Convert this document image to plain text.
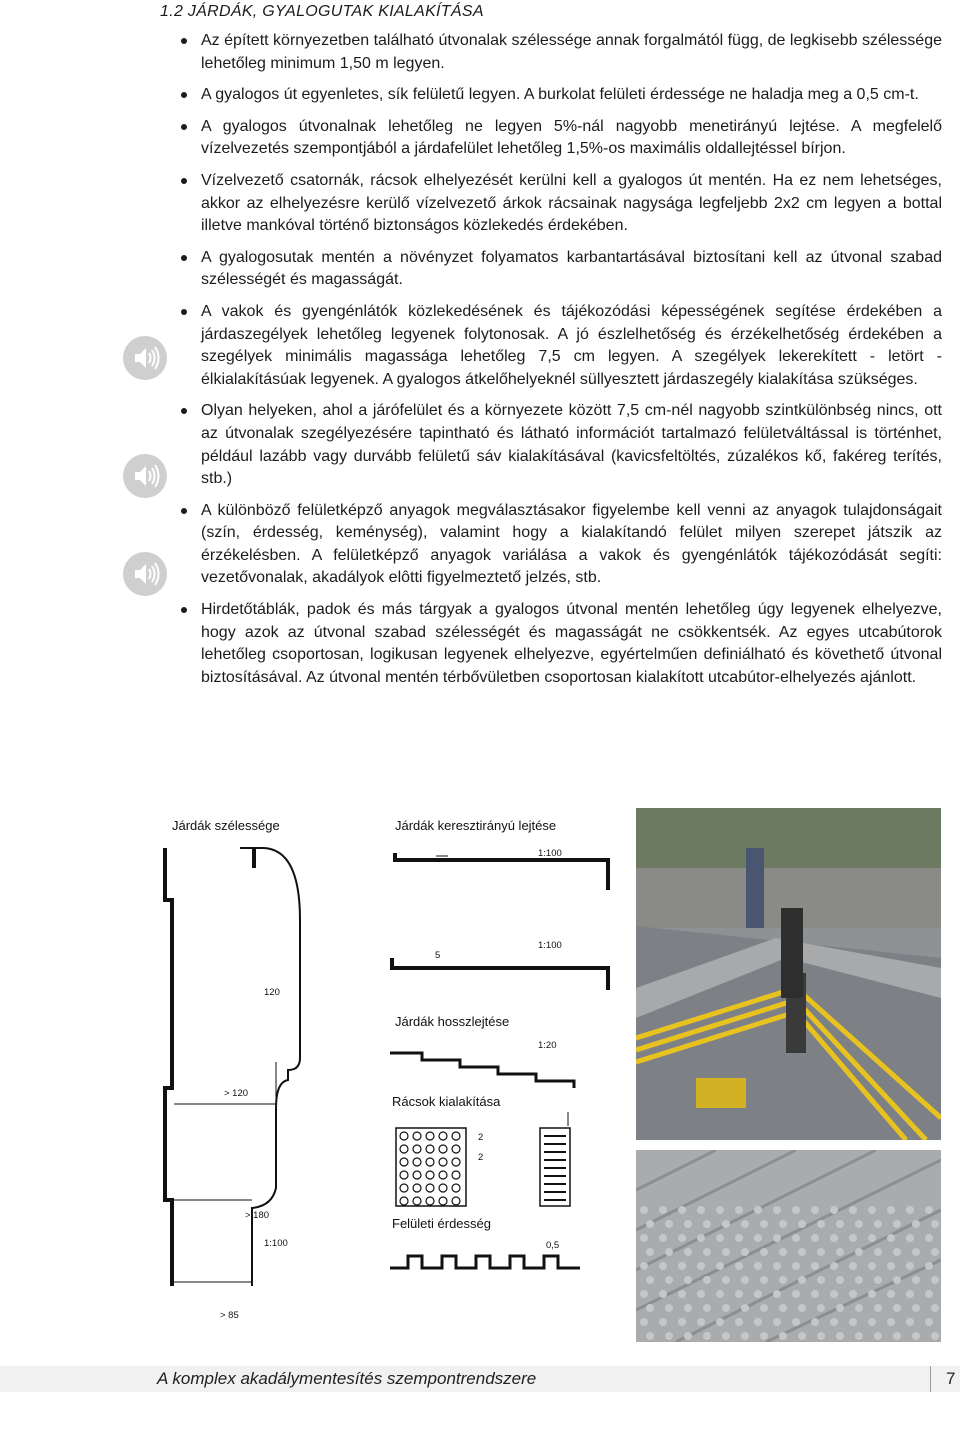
1.2 JÁRDÁK, GYALOGUTAK KIALAKÍTÁSA
Az épített környezetben található útvonalak szélessége annak forgalmától függ, de legkisebb szélessége lehetőleg minimum 1,50 m legyen.
A gyalogos út egyenletes, sík felületű legyen. A burkolat felületi érdessége ne haladja meg a 0,5 cm-t.
A gyalogos útvonalnak lehetőleg ne legyen 5%-nál nagyobb menetirányú lejtése. A megfelelő vízelvezetés szempontjából a járdafelület lehetőleg 1,5%-os maximális oldallejtéssel bírjon.
Vízelvezető csatornák, rácsok elhelyezését kerülni kell a gyalogos út mentén. Ha ez nem lehetséges, akkor az elhelyezésre kerülő vízelvezető árkok rácsainak nagysága legfeljebb 2x2 cm legyen a bottal illetve mankóval történő biztonságos közlekedés érdekében.
A gyalogosutak mentén a növényzet folyamatos karbantartásával biztosítani kell az útvonal szabad szélességét és magasságát.
A vakok és gyengénlátók közlekedésének és tájékozódási képességének segítése érdekében a járdaszegélyek lehetőleg legyenek folytonosak. A jó észlelhetőség és érzékelhetőség érdekében a szegélyek minimális magassága lehetőleg 7,5 cm legyen. A szegélyek lekerekített - letört - élkialakításúak legyenek. A gyalogos átkelőhelyeknél süllyesztett járdaszegély kialakítása szükséges.
Olyan helyeken, ahol a járófelület és a környezete között 7,5 cm-nél nagyobb szintkülönbség nincs, ott az útvonalak szegélyezésére tapintható és látható információt tartalmazó felületváltással is történhet, például lazább vagy durvább felületű sáv kialakításával (kavicsfeltöltés, zúzalékos kő, fakéreg terítés, stb.)
A különböző felületképző anyagok megválasztásakor figyelembe kell venni az anyagok tulajdonságait (szín, érdesség, keménység), valamint hogy a kialakítandó felület milyen szerepet játszik az érzékelésben. A felületképző anyagok variálása a vakok és gyengénlátók tájékozódását segíti: vezetővonalak, akadályok elôtti figyelmeztető jelzés, stb.
Hirdetőtáblák, padok és más tárgyak a gyalogos útvonal mentén lehetőleg úgy legyenek elhelyezve, hogy azok az útvonal szabad szélességét és magasságát ne csökkentsék. Az egyes utcabútorok lehetőleg csoportosan, logikusan legyenek elhelyezve, egyértelműen definiálható és követhető útvonal biztosításával. Az útvonal mentén térbővületben csoportosan kialakított utcabútor-elhelyezés ajánlott.
Járdák szélessége
120
> 120
> 180
1:100
> 85
Járdák keresztirányú lejtése
1:100
1:100
5
Járdák hosszlejtése
1:20
Rácsok kialakítása
2
2
Felületi érdesség
0,5
A komplex akadálymentesítés szempontrendszere	7
